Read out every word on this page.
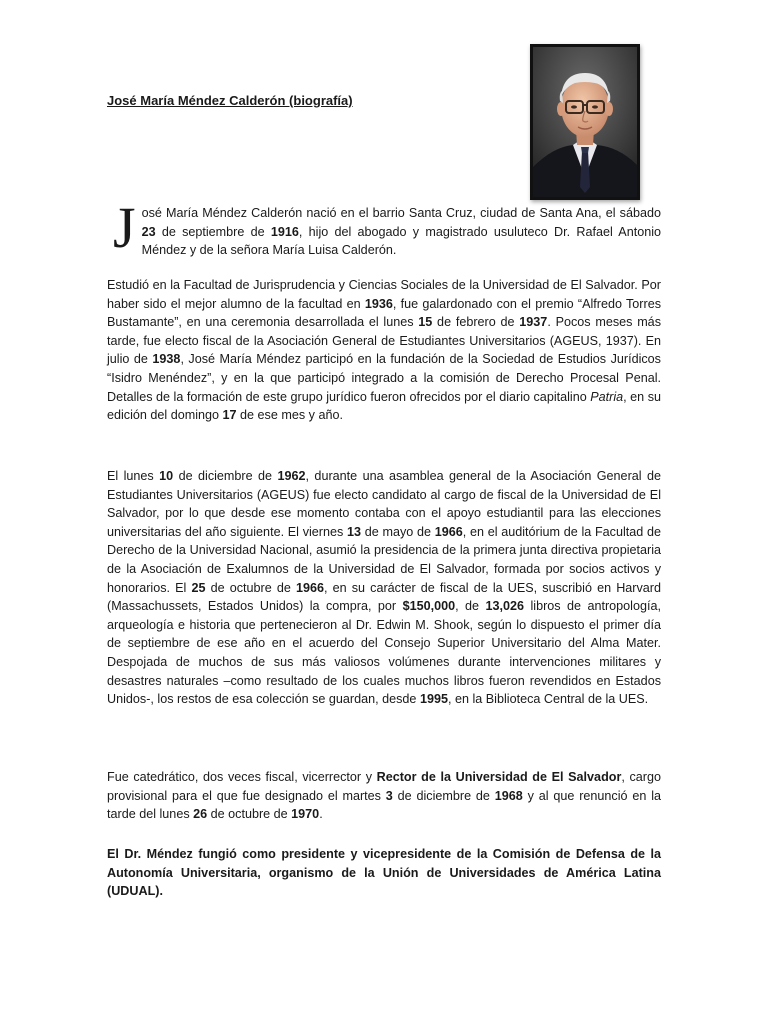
José María Méndez Calderón (biografía)

José María Méndez Calderón nació en el barrio Santa Cruz, ciudad de Santa Ana, el sábado 23 de septiembre de 1916, hijo del abogado y magistrado usuluteco Dr. Rafael Antonio Méndez y de la señora María Luisa Calderón.

Estudió en la Facultad de Jurisprudencia y Ciencias Sociales de la Universidad de El Salvador. Por haber sido el mejor alumno de la facultad en 1936, fue galardonado con el premio “Alfredo Torres Bustamante”, en una ceremonia desarrollada el lunes 15 de febrero de 1937. Pocos meses más tarde, fue electo fiscal de la Asociación General de Estudiantes Universitarios (AGEUS, 1937). En julio de 1938, José María Méndez participó en la fundación de la Sociedad de Estudios Jurídicos “Isidro Menéndez”, y en la que participó integrado a la comisión de Derecho Procesal Penal. Detalles de la formación de este grupo jurídico fueron ofrecidos por el diario capitalino Patria, en su edición del domingo 17 de ese mes y año.

El lunes 10 de diciembre de 1962, durante una asamblea general de la Asociación General de Estudiantes Universitarios (AGEUS) fue electo candidato al cargo de fiscal de la Universidad de El Salvador, por lo que desde ese momento contaba con el apoyo estudiantil para las elecciones universitarias del año siguiente. El viernes 13 de mayo de 1966, en el auditórium de la Facultad de Derecho de la Universidad Nacional, asumió la presidencia de la primera junta directiva propietaria de la Asociación de Exalumnos de la Universidad de El Salvador, formada por socios activos y honorarios. El 25 de octubre de 1966, en su carácter de fiscal de la UES, suscribió en Harvard (Massachussets, Estados Unidos) la compra, por $150,000, de 13,026 libros de antropología, arqueología e historia que pertenecieron al Dr. Edwin M. Shook, según lo dispuesto el primer día de septiembre de ese año en el acuerdo del Consejo Superior Universitario del Alma Mater. Despojada de muchos de sus más valiosos volúmenes durante intervenciones militares y desastres naturales –como resultado de los cuales muchos libros fueron revendidos en Estados Unidos-, los restos de esa colección se guardan, desde 1995, en la Biblioteca Central de la UES.

Fue catedrático, dos veces fiscal, vicerrector y Rector de la Universidad de El Salvador, cargo provisional para el que fue designado el martes 3 de diciembre de 1968 y al que renunció en la tarde del lunes 26 de octubre de 1970.

El Dr. Méndez fungió como presidente y vicepresidente de la Comisión de Defensa de la Autonomía Universitaria, organismo de la Unión de Universidades de América Latina (UDUAL).
